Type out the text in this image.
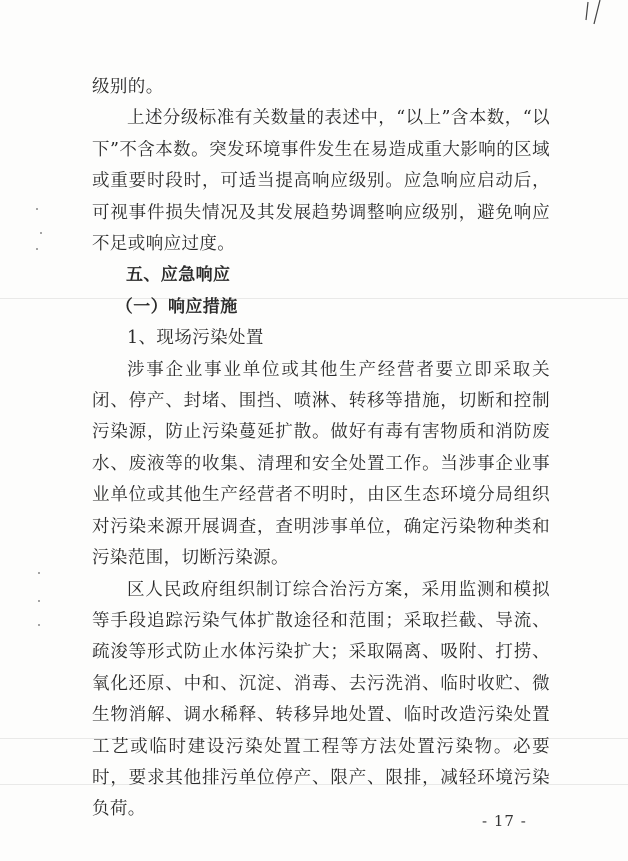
级别的。

上述分级标准有关数量的表述中，“以上”含本数，“以下”不含本数。突发环境事件发生在易造成重大影响的区域或重要时段时，可适当提高响应级别。应急响应启动后，可视事件损失情况及其发展趋势调整响应级别，避免响应不足或响应过度。

五、应急响应

（一）响应措施

1、现场污染处置

涉事企业事业单位或其他生产经营者要立即采取关闭、停产、封堵、围挡、喷淋、转移等措施，切断和控制污染源，防止污染蔓延扩散。做好有毒有害物质和消防废水、废液等的收集、清理和安全处置工作。当涉事企业事业单位或其他生产经营者不明时，由区生态环境分局组织对污染来源开展调查，查明涉事单位，确定污染物种类和污染范围，切断污染源。

区人民政府组织制订综合治污方案，采用监测和模拟等手段追踪污染气体扩散途径和范围；采取拦截、导流、疏浚等形式防止水体污染扩大；采取隔离、吸附、打捞、氧化还原、中和、沉淀、消毒、去污洗消、临时收贮、微生物消解、调水稀释、转移异地处置、临时改造污染处置工艺或临时建设污染处置工程等方法处置污染物。必要时，要求其他排污单位停产、限产、限排，减轻环境污染负荷。

- 17 -
